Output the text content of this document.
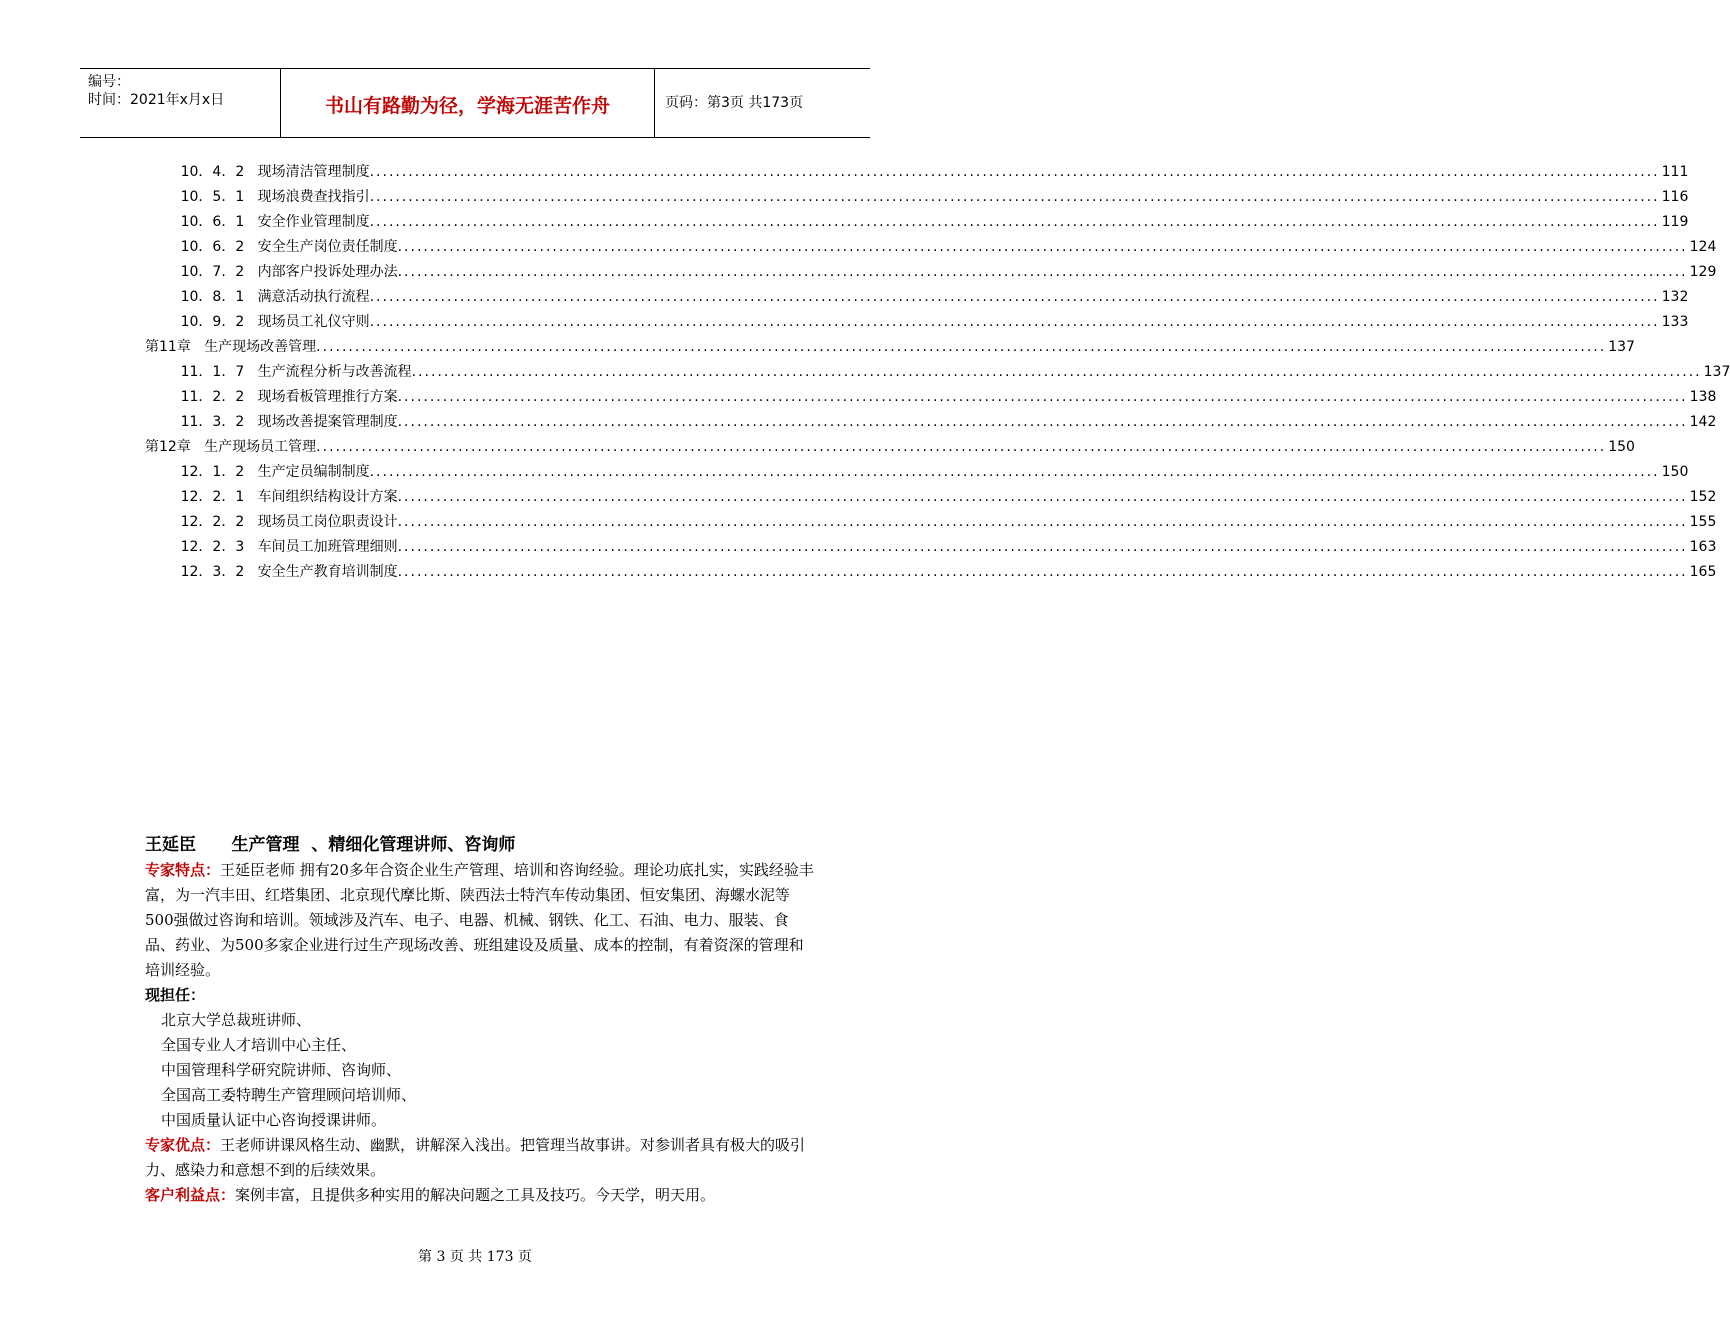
编号：
时间：2021年x月x日	书山有路勤为径，学海无涯苦作舟	页码：第3页 共173页
10．4．2 现场清洁管理制度 ........................................................................................................................................................................................................ 111
10．5．1 现场浪费查找指引 ........................................................................................................................................................................................................ 116
10．6．1 安全作业管理制度 ........................................................................................................................................................................................................ 119
10．6．2 安全生产岗位责任制度 ........................................................................................................................................................................................................ 124
10．7．2 内部客户投诉处理办法 ........................................................................................................................................................................................................ 129
10．8．1 满意活动执行流程 ........................................................................................................................................................................................................ 132
10．9．2 现场员工礼仪守则 ........................................................................................................................................................................................................ 133
第11章 生产现场改善管理 ........................................................................................................................................................................................................ 137
11．1．7 生产流程分析与改善流程 ........................................................................................................................................................................................................ 137
11．2．2 现场看板管理推行方案 ........................................................................................................................................................................................................ 138
11．3．2 现场改善提案管理制度 ........................................................................................................................................................................................................ 142
第12章 生产现场员工管理 ........................................................................................................................................................................................................ 150
12．1．2 生产定员编制制度 ........................................................................................................................................................................................................ 150
12．2．1 车间组织结构设计方案 ........................................................................................................................................................................................................ 152
12．2．2 现场员工岗位职责设计 ........................................................................................................................................................................................................ 155
12．2．3 车间员工加班管理细则 ........................................................................................................................................................................................................ 163
12．3．2 安全生产教育培训制度 ........................................................................................................................................................................................................ 165
王延臣      生产管理  、精细化管理讲师、咨询师
专家特点：王延臣老师 拥有20多年合资企业生产管理、培训和咨询经验。理论功底扎实，实践经验丰富，为一汽丰田、红塔集团、北京现代摩比斯、陕西法士特汽车传动集团、恒安集团、海螺水泥等500强做过咨询和培训。领域涉及汽车、电子、电器、机械、钢铁、化工、石油、电力、服装、食品、药业、为500多家企业进行过生产现场改善、班组建设及质量、成本的控制，有着资深的管理和培训经验。
现担任：
北京大学总裁班讲师、
全国专业人才培训中心主任、
中国管理科学研究院讲师、咨询师、
全国高工委特聘生产管理顾问培训师、
中国质量认证中心咨询授课讲师。
专家优点：王老师讲课风格生动、幽默，讲解深入浅出。把管理当故事讲。对参训者具有极大的吸引力、感染力和意想不到的后续效果。
客户利益点：案例丰富，且提供多种实用的解决问题之工具及技巧。今天学，明天用。
第 3 页 共 173 页
